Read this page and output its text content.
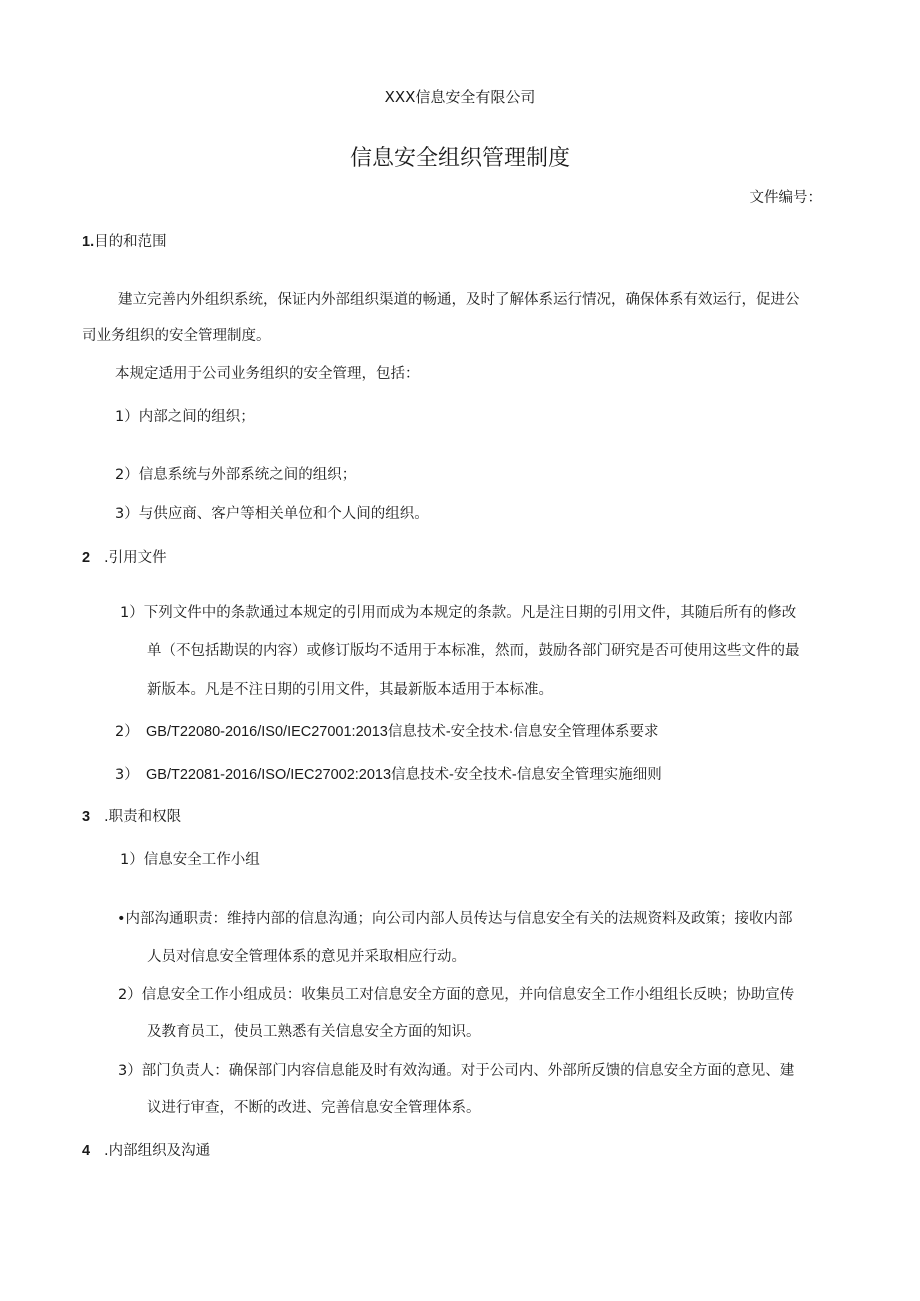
XXX信息安全有限公司
信息安全组织管理制度
文件编号：
1.目的和范围
建立完善内外组织系统，保证内外部组织渠道的畅通，及时了解体系运行情况，确保体系有效运行，促进公
司业务组织的安全管理制度。
本规定适用于公司业务组织的安全管理，包括：
1）内部之间的组织；
2）信息系统与外部系统之间的组织；
3）与供应商、客户等相关单位和个人间的组织。
2 .引用文件
1）下列文件中的条款通过本规定的引用而成为本规定的条款。凡是注日期的引用文件，其随后所有的修改
单（不包括勘误的内容）或修订版均不适用于本标准，然而，鼓励各部门研究是否可使用这些文件的最
新版本。凡是不注日期的引用文件，其最新版本适用于本标准。
2） GB/T22080-2016/IS0/IEC27001:2013信息技术-安全技术·信息安全管理体系要求
3） GB/T22081-2016/ISO/IEC27002:2013信息技术-安全技术-信息安全管理实施细则
3 .职责和权限
1）信息安全工作小组
•内部沟通职责：维持内部的信息沟通；向公司内部人员传达与信息安全有关的法规资料及政策；接收内部
人员对信息安全管理体系的意见并采取相应行动。
2）信息安全工作小组成员：收集员工对信息安全方面的意见，并向信息安全工作小组组长反映；协助宣传
及教育员工，使员工熟悉有关信息安全方面的知识。
3）部门负责人：确保部门内容信息能及时有效沟通。对于公司内、外部所反馈的信息安全方面的意见、建
议进行审查，不断的改进、完善信息安全管理体系。
4 .内部组织及沟通
